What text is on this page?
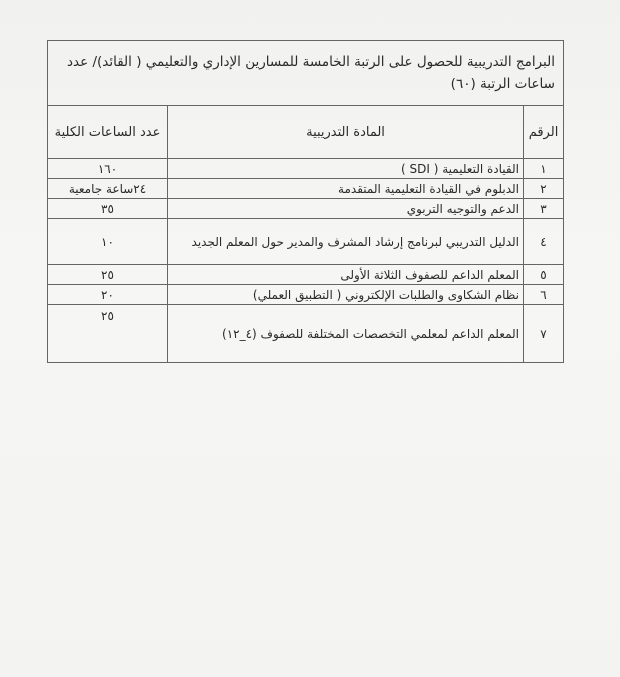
البرامج التدريبية للحصول على الرتبة الخامسة للمسارين الإداري والتعليمي ( القائد)/ عدد ساعات الرتبة (٦٠)		
الرقم	المادة التدريبية	عدد الساعات الكلية
١	القيادة التعليمية ( SDI )	١٦٠
٢	الدبلوم في القيادة التعليمية المتقدمة	٢٤ساعة جامعية
٣	الدعم والتوجيه التربوي	٣٥
٤	الدليل التدريبي لبرنامج إرشاد المشرف والمدير حول المعلم الجديد	١٠
٥	المعلم الداعم للصفوف الثلاثة الأولى	٢٥
٦	نظام الشكاوى والطلبات الإلكتروني ( التطبيق العملي)	٢٠
٧	المعلم الداعم لمعلمي التخصصات المختلفة للصفوف (٤_١٢)	٢٥
